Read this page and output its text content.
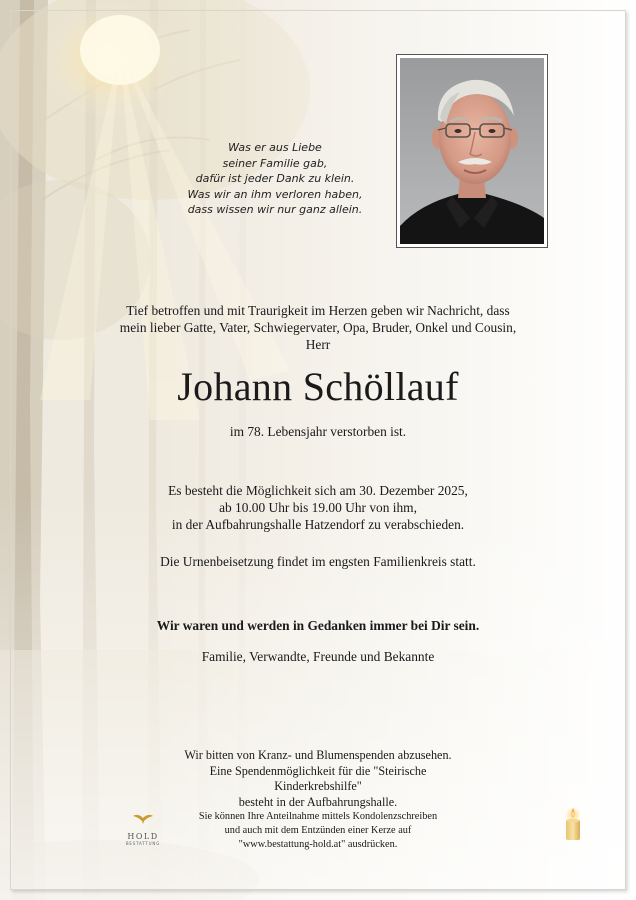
Was er aus Liebe
seiner Familie gab,
dafür ist jeder Dank zu klein.
Was wir an ihm verloren haben,
dass wissen wir nur ganz allein.
Tief betroffen und mit Traurigkeit im Herzen geben wir Nachricht, dass
mein lieber Gatte, Vater, Schwiegervater, Opa, Bruder, Onkel und Cousin,
Herr
Johann Schöllauf
im 78. Lebensjahr verstorben ist.
Es besteht die Möglichkeit sich am 30. Dezember 2025,
ab 10.00 Uhr bis 19.00 Uhr von ihm,
in der Aufbahrungshalle Hatzendorf zu verabschieden.
Die Urnenbeisetzung findet im engsten Familienkreis statt.
Wir waren und werden in Gedanken immer bei Dir sein.
Familie, Verwandte, Freunde und Bekannte
Wir bitten von Kranz- und Blumenspenden abzusehen.
Eine Spendenmöglichkeit für die "Steirische Kinderkrebshilfe"
besteht in der Aufbahrungshalle.
HOLD
BESTATTUNG
Sie können Ihre Anteilnahme mittels Kondolenzschreiben
und auch mit dem Entzünden einer Kerze auf
"www.bestattung-hold.at" ausdrücken.
